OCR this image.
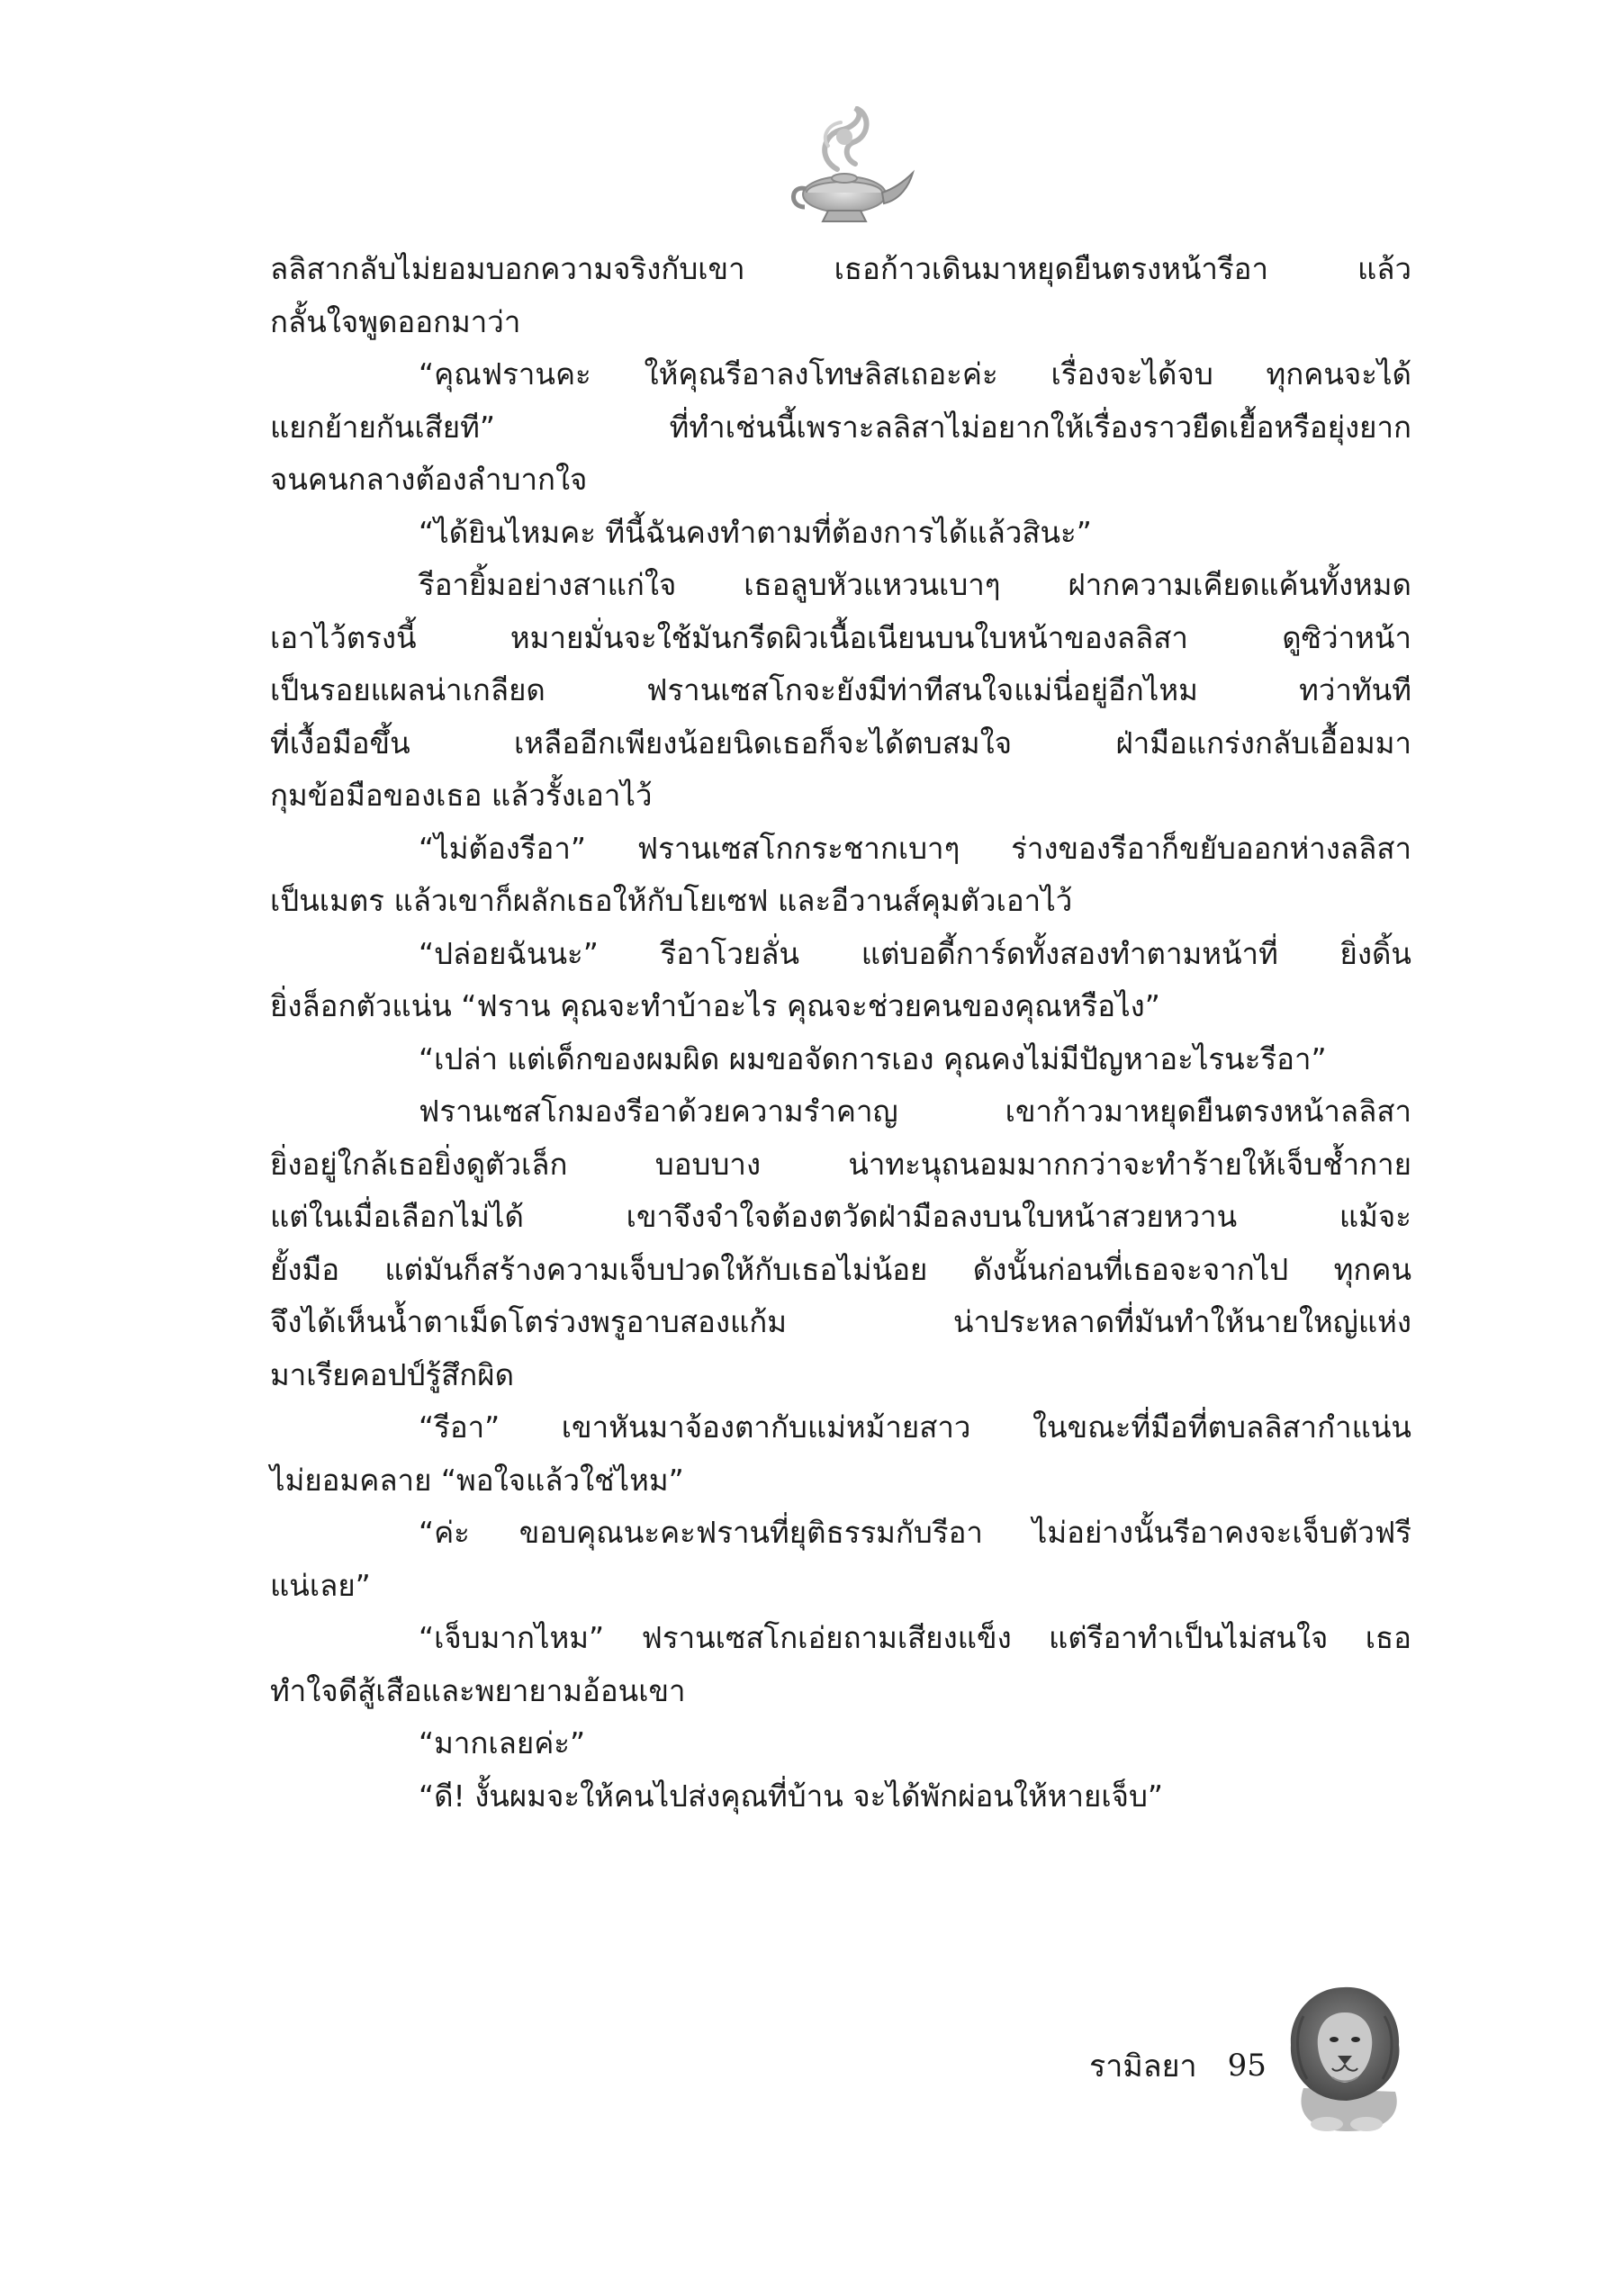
ลลิสากลับไม่ยอมบอกความจริงกับเขา เธอก้าวเดินมาหยุดยืนตรงหน้ารีอา แล้ว
กลั้นใจพูดออกมาว่า
“คุณฟรานคะ ให้คุณรีอาลงโทษลิสเถอะค่ะ เรื่องจะได้จบ ทุกคนจะได้
แยกย้ายกันเสียที” ที่ทำเช่นนี้เพราะลลิสาไม่อยากให้เรื่องราวยืดเยื้อหรือยุ่งยาก
จนคนกลางต้องลำบากใจ
“ได้ยินไหมคะ ทีนี้ฉันคงทำตามที่ต้องการได้แล้วสินะ”
รีอายิ้มอย่างสาแก่ใจ เธอลูบหัวแหวนเบาๆ ฝากความเคียดแค้นทั้งหมด
เอาไว้ตรงนี้ หมายมั่นจะใช้มันกรีดผิวเนื้อเนียนบนใบหน้าของลลิสา ดูซิว่าหน้า
เป็นรอยแผลน่าเกลียด ฟรานเซสโกจะยังมีท่าทีสนใจแม่นี่อยู่อีกไหม ทว่าทันที
ที่เงื้อมือขึ้น เหลืออีกเพียงน้อยนิดเธอก็จะได้ตบสมใจ ฝ่ามือแกร่งกลับเอื้อมมา
กุมข้อมือของเธอ แล้วรั้งเอาไว้
“ไม่ต้องรีอา” ฟรานเซสโกกระชากเบาๆ ร่างของรีอาก็ขยับออกห่างลลิสา
เป็นเมตร แล้วเขาก็ผลักเธอให้กับโยเซฟ และอีวานส์คุมตัวเอาไว้
“ปล่อยฉันนะ” รีอาโวยลั่น แต่บอดี้การ์ดทั้งสองทำตามหน้าที่ ยิ่งดิ้น
ยิ่งล็อกตัวแน่น “ฟราน คุณจะทำบ้าอะไร คุณจะช่วยคนของคุณหรือไง”
“เปล่า แต่เด็กของผมผิด ผมขอจัดการเอง คุณคงไม่มีปัญหาอะไรนะรีอา”
ฟรานเซสโกมองรีอาด้วยความรำคาญ เขาก้าวมาหยุดยืนตรงหน้าลลิสา
ยิ่งอยู่ใกล้เธอยิ่งดูตัวเล็ก บอบบาง น่าทะนุถนอมมากกว่าจะทำร้ายให้เจ็บช้ำกาย
แต่ในเมื่อเลือกไม่ได้ เขาจึงจำใจต้องตวัดฝ่ามือลงบนใบหน้าสวยหวาน แม้จะ
ยั้งมือ แต่มันก็สร้างความเจ็บปวดให้กับเธอไม่น้อย ดังนั้นก่อนที่เธอจะจากไป ทุกคน
จึงได้เห็นน้ำตาเม็ดโตร่วงพรูอาบสองแก้ม น่าประหลาดที่มันทำให้นายใหญ่แห่ง
มาเรียคอปป์รู้สึกผิด
“รีอา” เขาหันมาจ้องตากับแม่หม้ายสาว ในขณะที่มือที่ตบลลิสากำแน่น
ไม่ยอมคลาย “พอใจแล้วใช่ไหม”
“ค่ะ ขอบคุณนะคะฟรานที่ยุติธรรมกับรีอา ไม่อย่างนั้นรีอาคงจะเจ็บตัวฟรี
แน่เลย”
“เจ็บมากไหม” ฟรานเซสโกเอ่ยถามเสียงแข็ง แต่รีอาทำเป็นไม่สนใจ เธอ
ทำใจดีสู้เสือและพยายามอ้อนเขา
“มากเลยค่ะ”
“ดี! งั้นผมจะให้คนไปส่งคุณที่บ้าน จะได้พักผ่อนให้หายเจ็บ”
รามิลยา 95
